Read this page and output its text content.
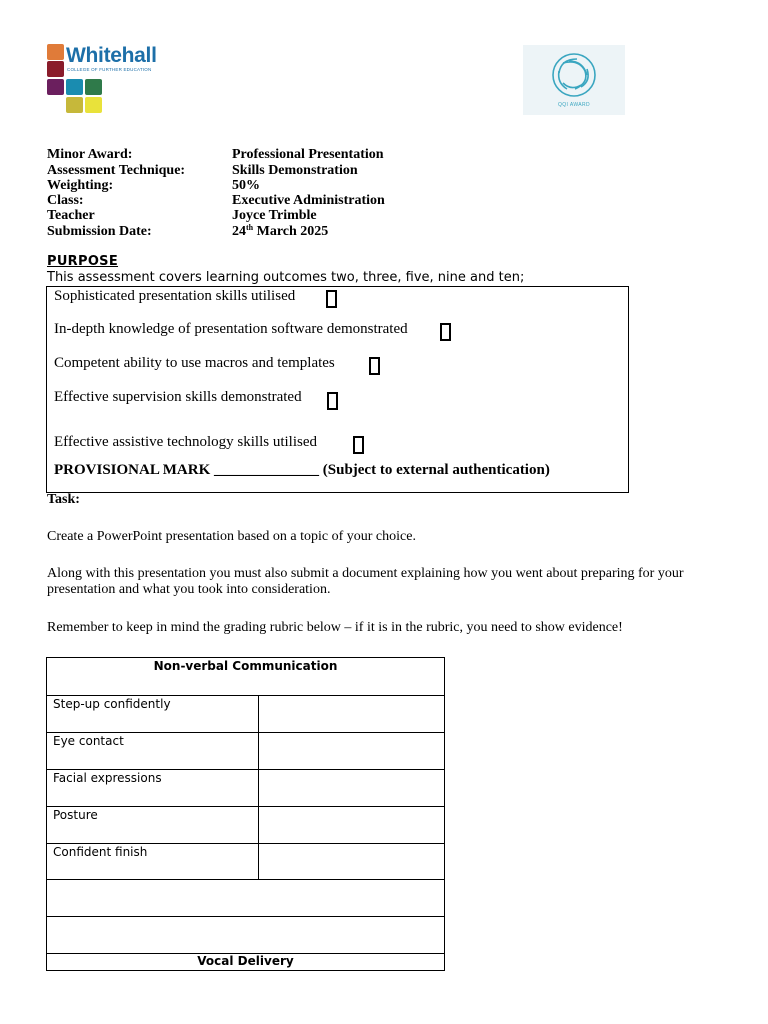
Whitehall
COLLEGE OF FURTHER EDUCATION
QQI AWARD
Minor Award:	Professional Presentation
Assessment Technique:	Skills Demonstration
Weighting:	50%
Class:	Executive Administration
Teacher	Joyce Trimble
Submission Date:	24th March 2025
PURPOSE
This assessment covers learning outcomes two, three, five, nine and ten;
Sophisticated presentation skills utilised
In-depth knowledge of presentation software demonstrated
Competent ability to use macros and templates
Effective supervision skills demonstrated
Effective assistive technology skills utilised
PROVISIONAL MARK ______________ (Subject to external authentication)
Task:
Create a PowerPoint presentation based on a topic of your choice.
Along with this presentation you must also submit a document explaining how you went about preparing for your presentation and what you took into consideration.
Remember to keep in mind the grading rubric below – if it is in the rubric, you need to show evidence!
Non-verbal Communication
Step-up confidently
Eye contact
Facial expressions
Posture
Confident finish
Vocal Delivery
